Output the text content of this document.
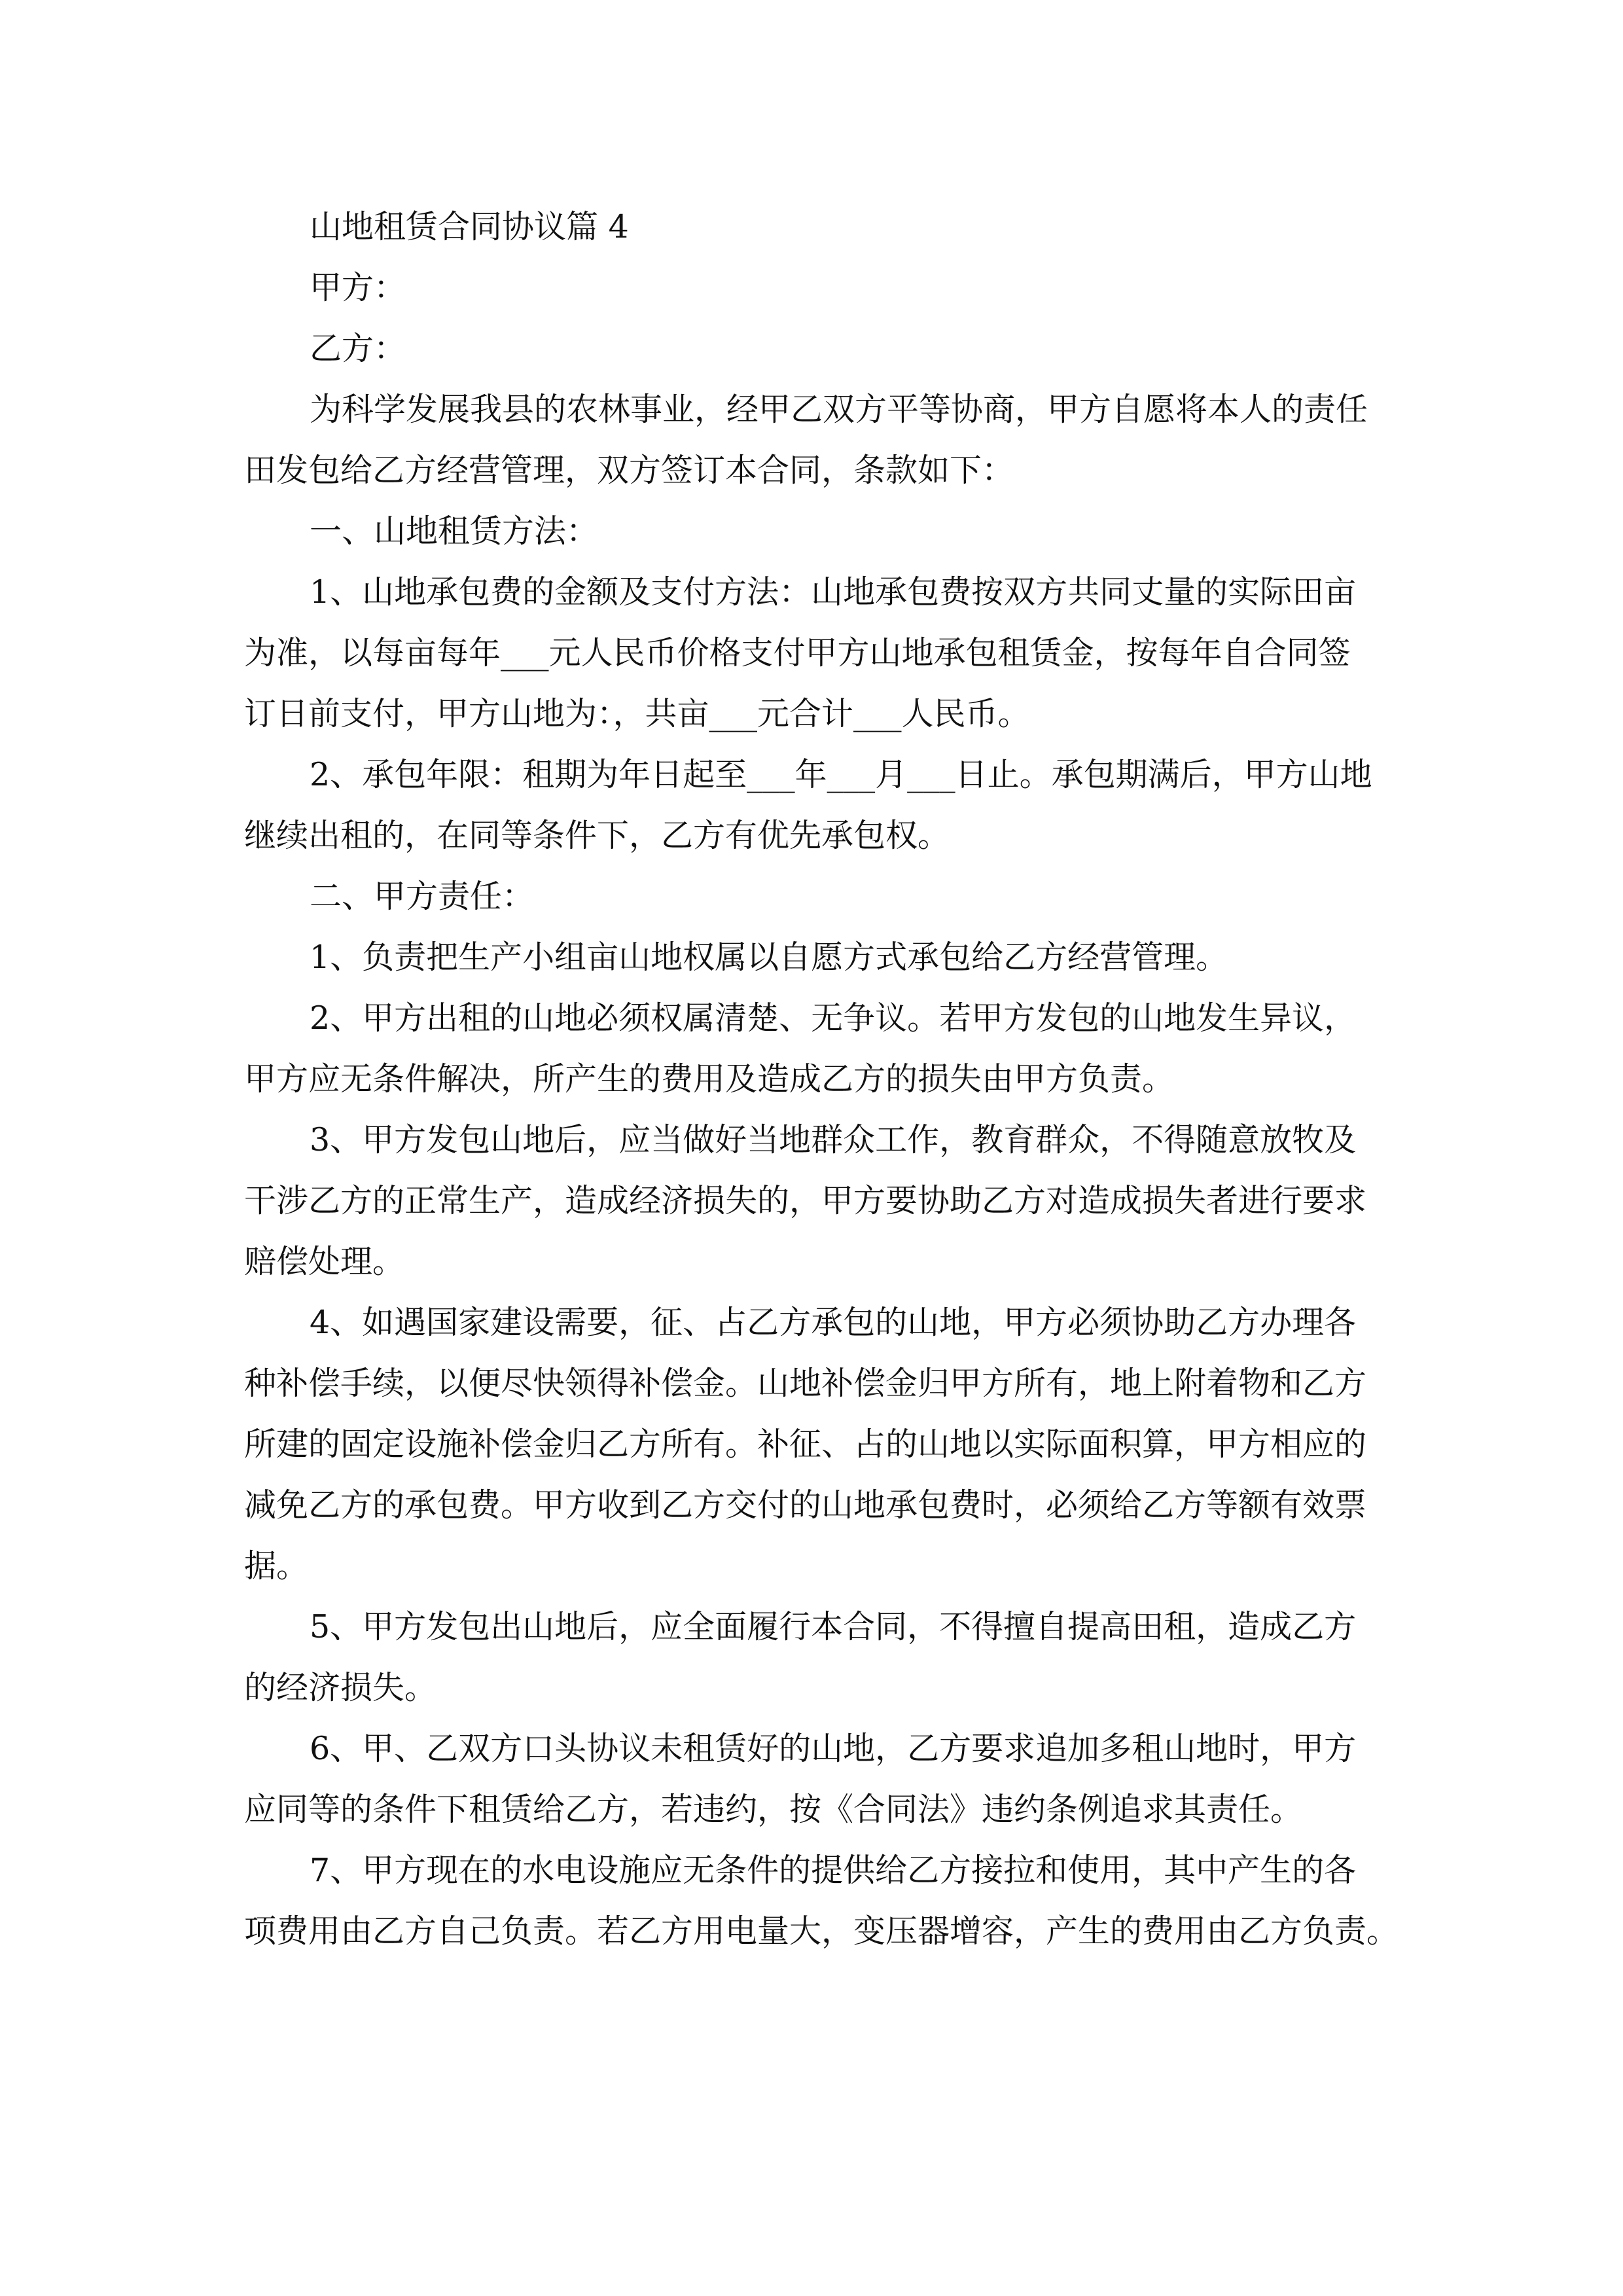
山地租赁合同协议篇 4
甲方：
乙方：
为科学发展我县的农林事业，经甲乙双方平等协商，甲方自愿将本人的责任
田发包给乙方经营管理，双方签订本合同，条款如下：
一、山地租赁方法：
1、山地承包费的金额及支付方法：山地承包费按双方共同丈量的实际田亩
为准，以每亩每年___元人民币价格支付甲方山地承包租赁金，按每年自合同签
订日前支付，甲方山地为：，共亩___元合计___人民币。
2、承包年限：租期为年日起至___年___月___日止。承包期满后，甲方山地
继续出租的，在同等条件下，乙方有优先承包权。
二、甲方责任：
1、负责把生产小组亩山地权属以自愿方式承包给乙方经营管理。
2、甲方出租的山地必须权属清楚、无争议。若甲方发包的山地发生异议，
甲方应无条件解决，所产生的费用及造成乙方的损失由甲方负责。
3、甲方发包山地后，应当做好当地群众工作，教育群众，不得随意放牧及
干涉乙方的正常生产，造成经济损失的，甲方要协助乙方对造成损失者进行要求
赔偿处理。
4、如遇国家建设需要，征、占乙方承包的山地，甲方必须协助乙方办理各
种补偿手续，以便尽快领得补偿金。山地补偿金归甲方所有，地上附着物和乙方
所建的固定设施补偿金归乙方所有。补征、占的山地以实际面积算，甲方相应的
减免乙方的承包费。甲方收到乙方交付的山地承包费时，必须给乙方等额有效票
据。
5、甲方发包出山地后，应全面履行本合同，不得擅自提高田租，造成乙方
的经济损失。
6、甲、乙双方口头协议未租赁好的山地，乙方要求追加多租山地时，甲方
应同等的条件下租赁给乙方，若违约，按《合同法》违约条例追求其责任。
7、甲方现在的水电设施应无条件的提供给乙方接拉和使用，其中产生的各
项费用由乙方自己负责。若乙方用电量大，变压器增容，产生的费用由乙方负责。
